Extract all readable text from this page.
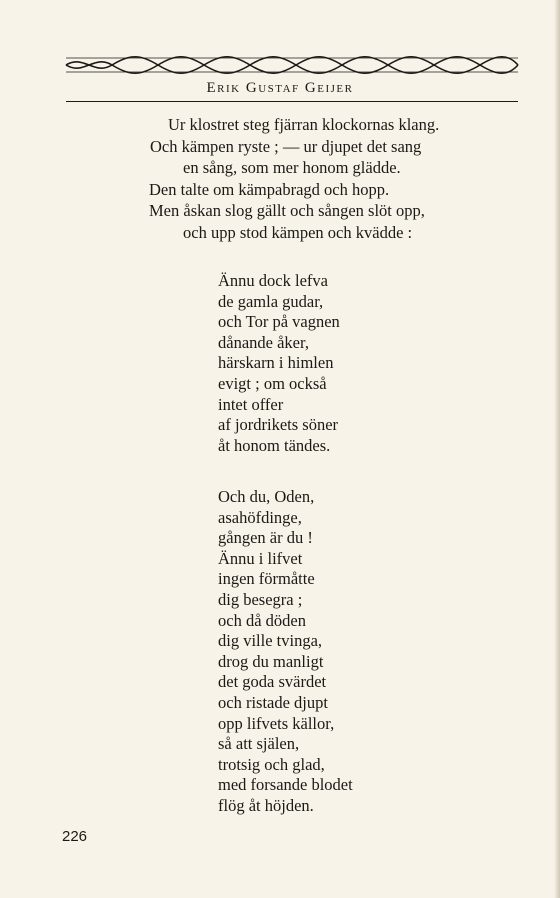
Erik Gustaf Geijer
Ur klostret steg fjärran klockornas klang.
Och kämpen ryste ; — ur djupet det sang
en sång, som mer honom glädde.
Den talte om kämpabragd och hopp.
Men åskan slog gällt och sången slöt opp,
och upp stod kämpen och kvädde :
Ännu dock lefva
de gamla gudar,
och Tor på vagnen
dånande åker,
härskarn i himlen
evigt ; om också
intet offer
af jordrikets söner
åt honom tändes.
Och du, Oden,
asahöfdinge,
gången är du !
Ännu i lifvet
ingen förmåtte
dig besegra ;
och då döden
dig ville tvinga,
drog du manligt
det goda svärdet
och ristade djupt
opp lifvets källor,
så att själen,
trotsig och glad,
med forsande blodet
flög åt höjden.
226
